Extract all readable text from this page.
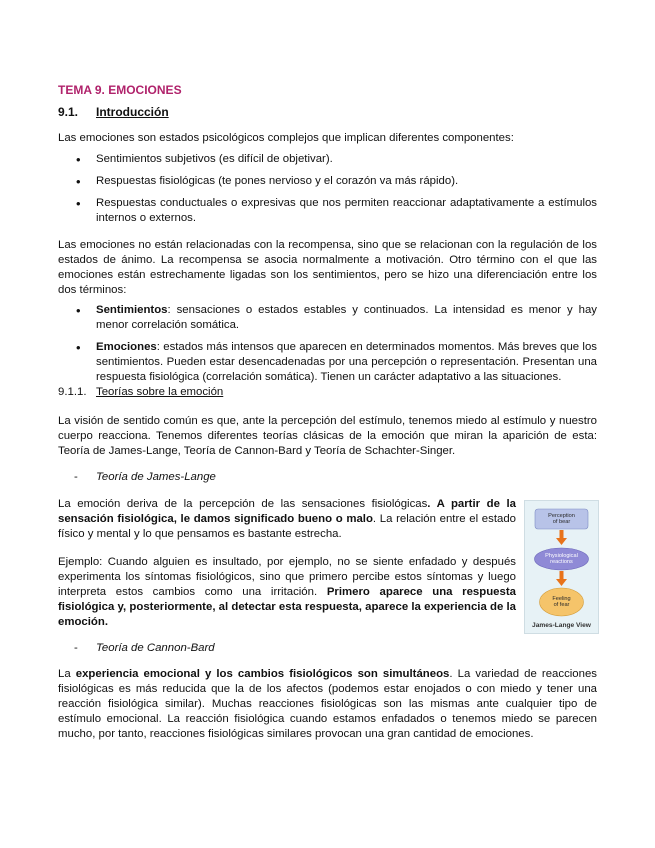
TEMA 9. EMOCIONES

9.1. Introducción

Las emociones son estados psicológicos complejos que implican diferentes componentes:

• Sentimientos subjetivos (es difícil de objetivar).
• Respuestas fisiológicas (te pones nervioso y el corazón va más rápido).
• Respuestas conductuales o expresivas que nos permiten reaccionar adaptativamente a estímulos internos o externos.

Las emociones no están relacionadas con la recompensa, sino que se relacionan con la regulación de los estados de ánimo. La recompensa se asocia normalmente a motivación. Otro término con el que las emociones están estrechamente ligadas son los sentimientos, pero se hizo una diferenciación entre los dos términos:

• Sentimientos: sensaciones o estados estables y continuados. La intensidad es menor y hay menor correlación somática.
• Emociones: estados más intensos que aparecen en determinados momentos. Más breves que los sentimientos. Pueden estar desencadenadas por una percepción o representación. Presentan una respuesta fisiológica (correlación somática). Tienen un carácter adaptativo a las situaciones.

9.1.1. Teorías sobre la emoción

La visión de sentido común es que, ante la percepción del estímulo, tenemos miedo al estímulo y nuestro cuerpo reacciona. Tenemos diferentes teorías clásicas de la emoción que miran la aparición de esta: Teoría de James-Lange, Teoría de Cannon-Bard y Teoría de Schachter-Singer.

- Teoría de James-Lange

La emoción deriva de la percepción de las sensaciones fisiológicas. A partir de la sensación fisiológica, le damos significado bueno o malo. La relación entre el estado físico y mental y lo que pensamos es bastante estrecha.

Ejemplo: Cuando alguien es insultado, por ejemplo, no se siente enfadado y después experimenta los síntomas fisiológicos, sino que primero percibe estos síntomas y luego interpreta estos cambios como una irritación. Primero aparece una respuesta fisiológica y, posteriormente, al detectar esta respuesta, aparece la experiencia de la emoción.

Perception
of bear
Physiological
reactions
Feeling
of fear
James-Lange View

- Teoría de Cannon-Bard

La experiencia emocional y los cambios fisiológicos son simultáneos. La variedad de reacciones fisiológicas es más reducida que la de los afectos (podemos estar enojados o con miedo y tener una reacción fisiológica similar). Muchas reacciones fisiológicas son las mismas ante cualquier tipo de estímulo emocional. La reacción fisiológica cuando estamos enfadados o tenemos miedo se parecen mucho, por tanto, reacciones fisiológicas similares provocan una gran cantidad de emociones.
